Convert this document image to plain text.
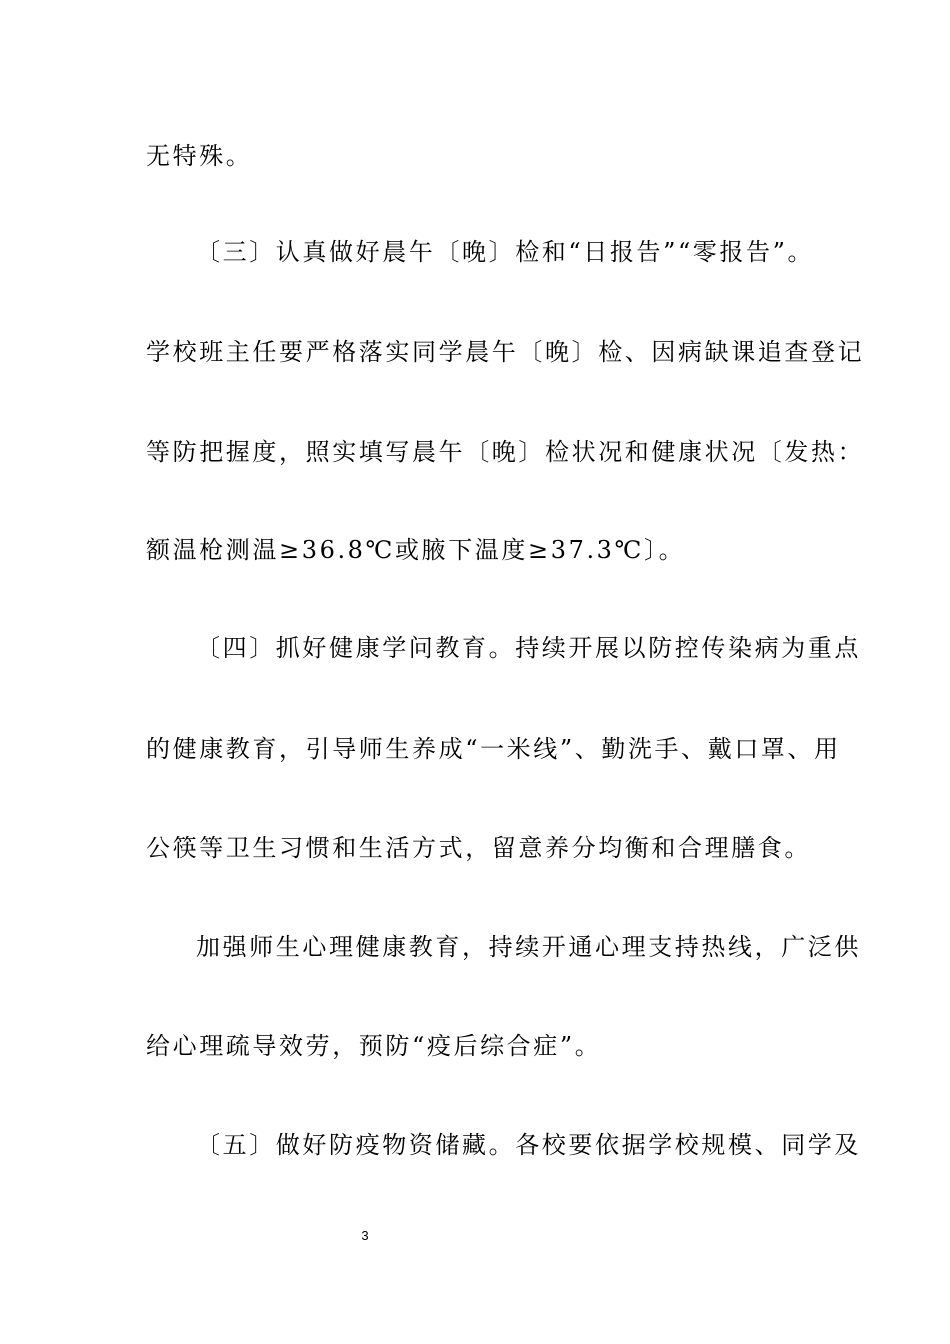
无特殊。
〔三〕认真做好晨午〔晚〕检和“日报告”“零报告”。
学校班主任要严格落实同学晨午〔晚〕检、因病缺课追查登记
等防把握度，照实填写晨午〔晚〕检状况和健康状况〔发热：
额温枪测温≥36.8℃或腋下温度≥37.3℃〕。
〔四〕抓好健康学问教育。持续开展以防控传染病为重点
的健康教育，引导师生养成“一米线”、勤洗手、戴口罩、用
公筷等卫生习惯和生活方式，留意养分均衡和合理膳食。
加强师生心理健康教育，持续开通心理支持热线，广泛供
给心理疏导效劳，预防“疫后综合症”。
〔五〕做好防疫物资储藏。各校要依据学校规模、同学及
3
